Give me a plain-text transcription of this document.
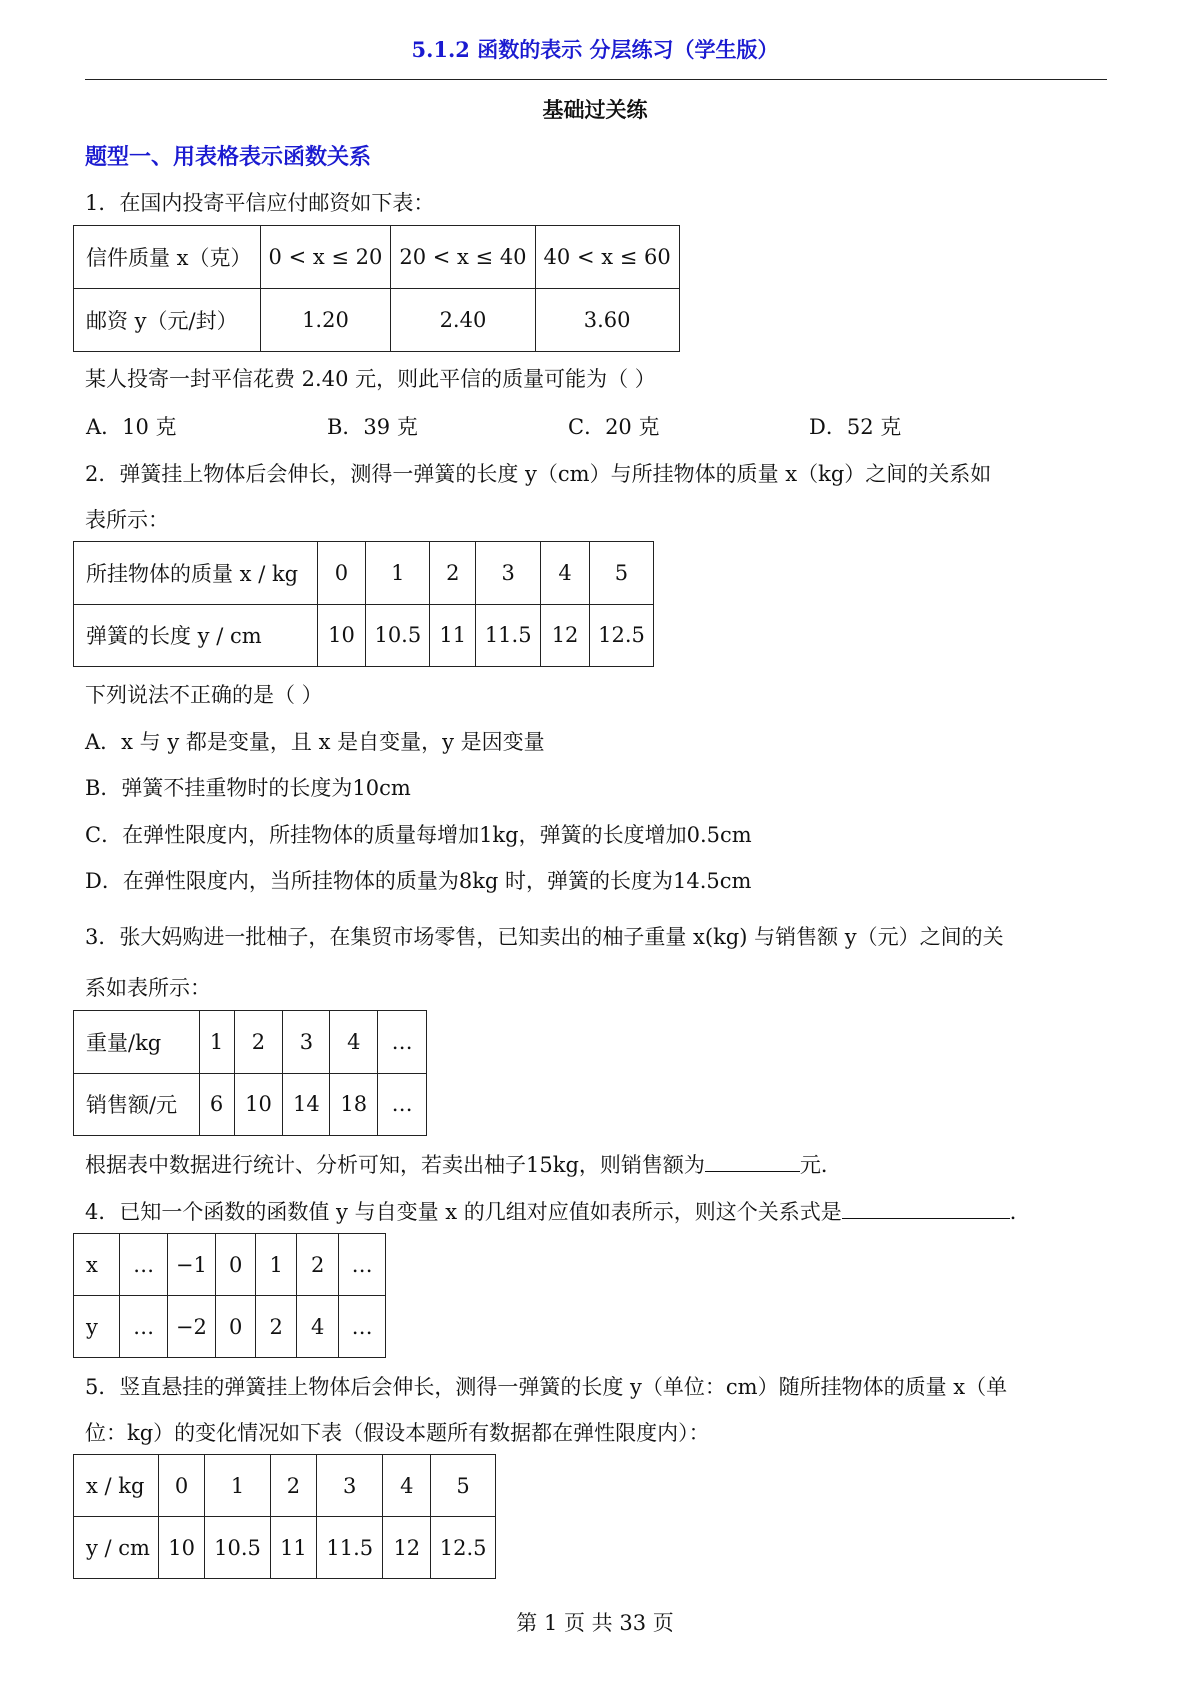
5.1.2 函数的表示 分层练习（学生版）
基础过关练
题型一、用表格表示函数关系
1．在国内投寄平信应付邮资如下表：
信件质量 x（克）	0 < x ≤ 20	20 < x ≤ 40	40 < x ≤ 60
邮资 y（元/封）	1.20	2.40	3.60
某人投寄一封平信花费 2.40 元，则此平信的质量可能为（ ）
A．10 克	B．39 克	C．20 克	D．52 克
2．弹簧挂上物体后会伸长，测得一弹簧的长度 y（cm）与所挂物体的质量 x（kg）之间的关系如
表所示：
所挂物体的质量 x / kg	0	1	2	3	4	5
弹簧的长度 y / cm	10	10.5	11	11.5	12	12.5
下列说法不正确的是（ ）
A．x 与 y 都是变量，且 x 是自变量，y 是因变量
B．弹簧不挂重物时的长度为10cm
C．在弹性限度内，所挂物体的质量每增加1kg，弹簧的长度增加0.5cm
D．在弹性限度内，当所挂物体的质量为8kg 时，弹簧的长度为14.5cm
3．张大妈购进一批柚子，在集贸市场零售，已知卖出的柚子重量 x(kg) 与销售额 y（元）之间的关
系如表所示：
重量/kg	1	2	3	4	…
销售额/元	6	10	14	18	…
根据表中数据进行统计、分析可知，若卖出柚子15kg，则销售额为	元．
4．已知一个函数的函数值 y 与自变量 x 的几组对应值如表所示，则这个关系式是	．
x	…	−1	0	1	2	…
y	…	−2	0	2	4	…
5．竖直悬挂的弹簧挂上物体后会伸长，测得一弹簧的长度 y（单位：cm）随所挂物体的质量 x（单
位：kg）的变化情况如下表（假设本题所有数据都在弹性限度内）：
x / kg	0	1	2	3	4	5
y / cm	10	10.5	11	11.5	12	12.5
第 1 页 共 33 页
